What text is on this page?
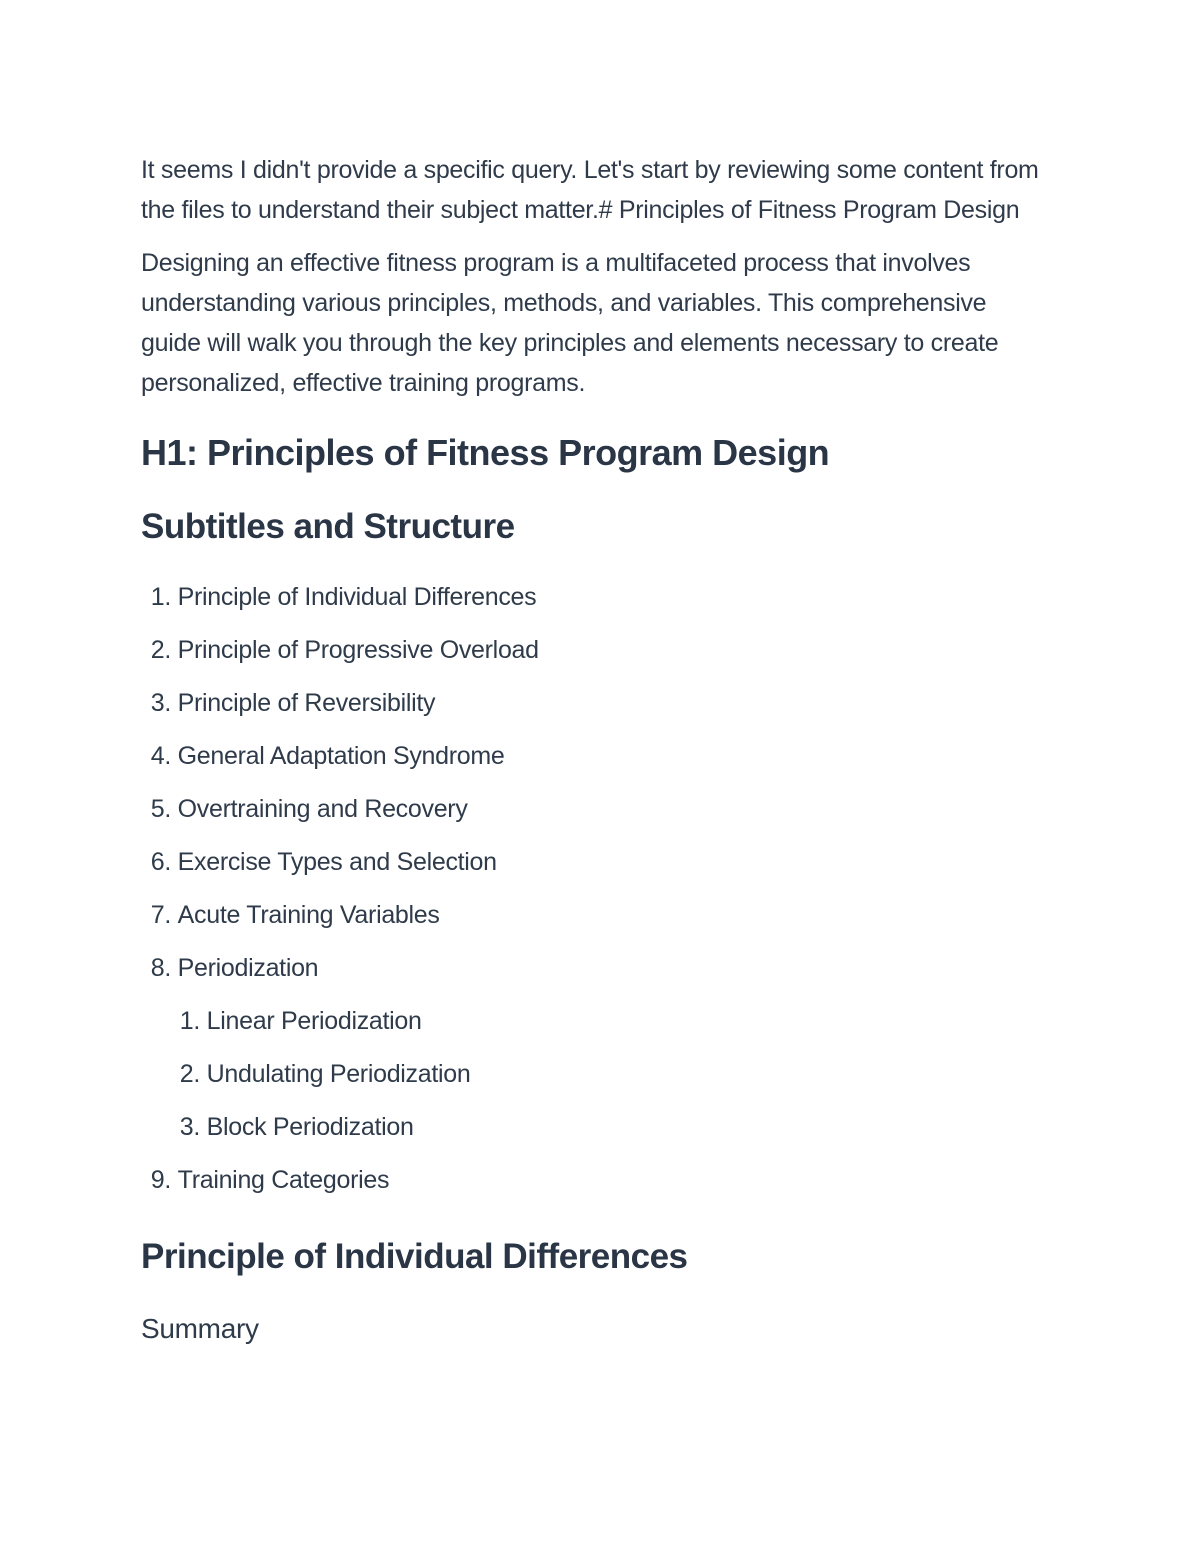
It seems I didn't provide a specific query. Let's start by reviewing some content from the files to understand their subject matter.# Principles of Fitness Program Design

Designing an effective fitness program is a multifaceted process that involves understanding various principles, methods, and variables. This comprehensive guide will walk you through the key principles and elements necessary to create personalized, effective training programs.

H1: Principles of Fitness Program Design
Subtitles and Structure
1.
Principle of Individual Differences
2.
Principle of Progressive Overload
3.
Principle of Reversibility
4.
General Adaptation Syndrome
5.
Overtraining and Recovery
6.
Exercise Types and Selection
7.
Acute Training Variables
8.
Periodization
1.
Linear Periodization
2.
Undulating Periodization
3.
Block Periodization
9.
Training Categories
Principle of Individual Differences
Summary
